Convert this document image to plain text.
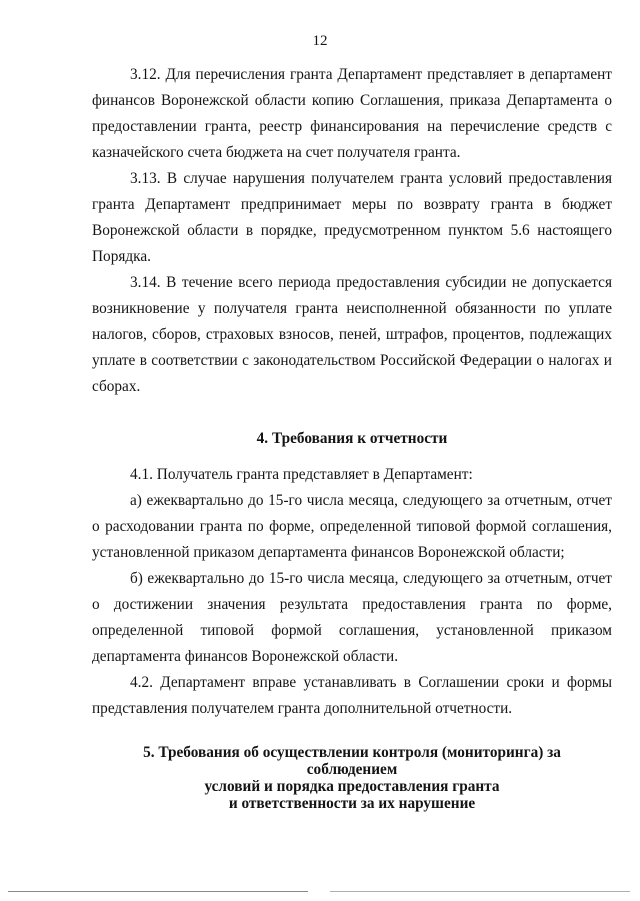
12

3.12. Для перечисления гранта Департамент представляет в департамент финансов Воронежской области копию Соглашения, приказа Департамента о предоставлении гранта, реестр финансирования на перечисление средств с казначейского счета бюджета на счет получателя гранта.

3.13. В случае нарушения получателем гранта условий предоставления гранта Департамент предпринимает меры по возврату гранта в бюджет Воронежской области в порядке, предусмотренном пунктом 5.6 настоящего Порядка.

3.14. В течение всего периода предоставления субсидии не допускается возникновение у получателя гранта неисполненной обязанности по уплате налогов, сборов, страховых взносов, пеней, штрафов, процентов, подлежащих уплате в соответствии с законодательством Российской Федерации о налогах и сборах.

4. Требования к отчетности

4.1. Получатель гранта представляет в Департамент:

а) ежеквартально до 15-го числа месяца, следующего за отчетным, отчет о расходовании гранта по форме, определенной типовой формой соглашения, установленной приказом департамента финансов Воронежской области;

б) ежеквартально до 15-го числа месяца, следующего за отчетным, отчет о достижении значения результата предоставления гранта по форме, определенной типовой формой соглашения, установленной приказом департамента финансов Воронежской области.

4.2. Департамент вправе устанавливать в Соглашении сроки и формы представления получателем гранта дополнительной отчетности.

5. Требования об осуществлении контроля (мониторинга) за
соблюдением
условий и порядка предоставления гранта
и ответственности за их нарушение
